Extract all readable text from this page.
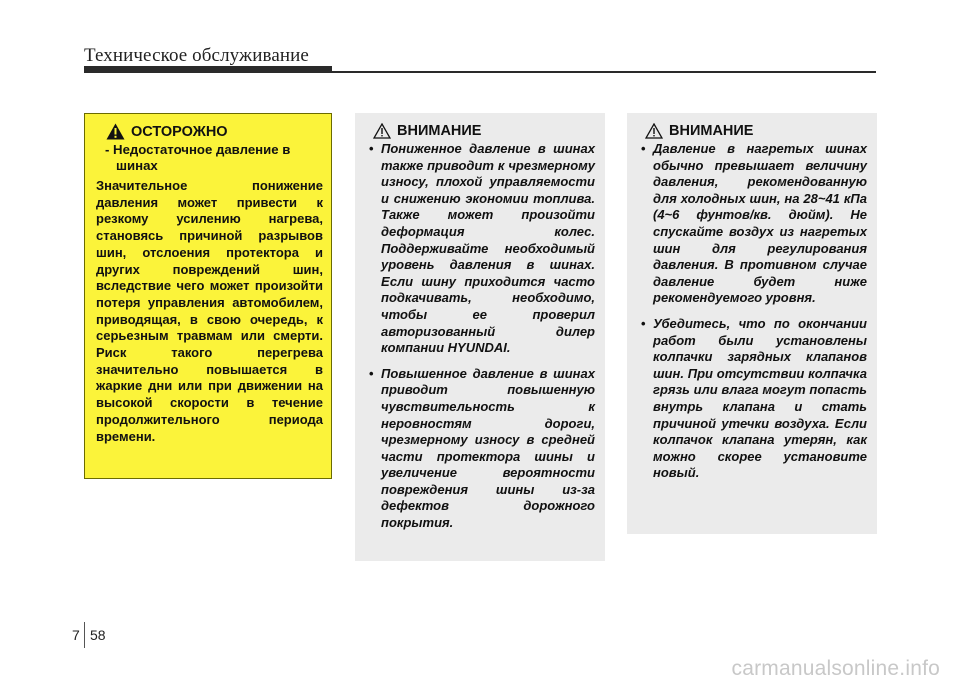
Техническое обслуживание
ОСТОРОЖНО
- Недостаточное давление в шинах
Значительное понижение давления может привести к резкому усилению нагрева, становясь причиной разрывов шин, отслоения протектора и других повреждений шин, вследствие чего может произойти потеря управления автомобилем, приводящая, в свою очередь, к серьезным травмам или смерти. Риск такого перегрева значительно повышается в жаркие дни или при движении на высокой скорости в течение продолжительного периода времени.
ВНИМАНИЕ
• Пониженное давление в шинах также приводит к чрезмерному износу, плохой управляемости и снижению экономии топлива. Также может произойти деформация колес. Поддерживайте необходимый уровень давления в шинах. Если шину приходится часто подкачивать, необходимо, чтобы ее проверил авторизованный дилер компании HYUNDAI.
• Повышенное давление в шинах приводит повышенную чувствительность к неровностям дороги, чрезмерному износу в средней части протектора шины и увеличение вероятности повреждения шины из-за дефектов дорожного покрытия.
ВНИМАНИЕ
• Давление в нагретых шинах обычно превышает величину давления, рекомендованную для холодных шин, на 28~41 кПа (4~6 фунтов/кв. дюйм). Не спускайте воздух из нагретых шин для регулирования давления. В противном случае давление будет ниже рекомендуемого уровня.
• Убедитесь, что по окончании работ были установлены колпачки зарядных клапанов шин. При отсутствии колпачка грязь или влага могут попасть внутрь клапана и стать причиной утечки воздуха. Если колпачок клапана утерян, как можно скорее установите новый.
7 58
carmanualsonline.info
